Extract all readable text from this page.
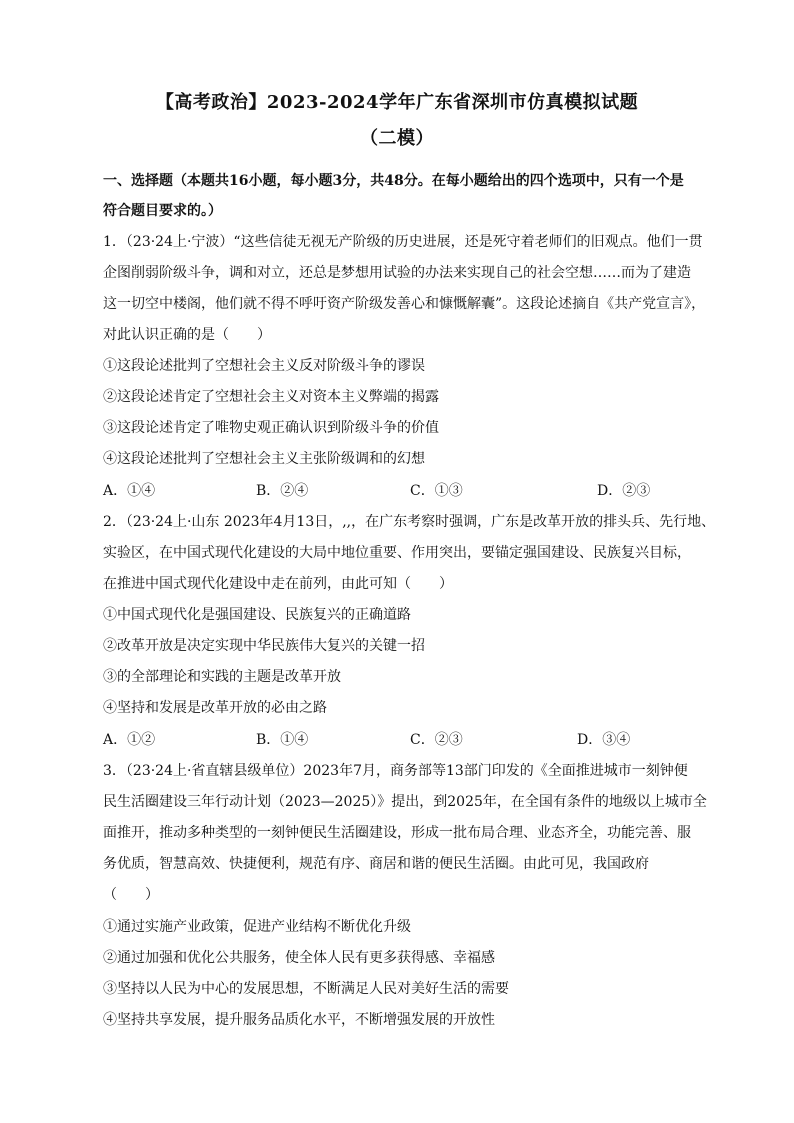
【高考政治】2023-2024学年广东省深圳市仿真模拟试题
（二模）
一、选择题（本题共16小题，每小题3分，共48分。在每小题给出的四个选项中，只有一个是
符合题目要求的。）
1．（23·24上·宁波）“这些信徒无视无产阶级的历史进展，还是死守着老师们的旧观点。他们一贯
企图削弱阶级斗争，调和对立，还总是梦想用试验的办法来实现自己的社会空想……而为了建造
这一切空中楼阁，他们就不得不呼吁资产阶级发善心和慷慨解囊”。这段论述摘自《共产党宣言》，
对此认识正确的是（　　）
①这段论述批判了空想社会主义反对阶级斗争的谬误
②这段论述肯定了空想社会主义对资本主义弊端的揭露
③这段论述肯定了唯物史观正确认识到阶级斗争的价值
④这段论述批判了空想社会主义主张阶级调和的幻想
A．①④	B．②④	C．①③	D．②③
2．（23·24上·山东 2023年4月13日，,,，在广东考察时强调，广东是改革开放的排头兵、先行地、
实验区，在中国式现代化建设的大局中地位重要、作用突出，要锚定强国建设、民族复兴目标，
在推进中国式现代化建设中走在前列，由此可知（　　）
①中国式现代化是强国建设、民族复兴的正确道路
②改革开放是决定实现中华民族伟大复兴的关键一招
③的全部理论和实践的主题是改革开放
④坚持和发展是改革开放的必由之路
A．①②	B．①④	C．②③	D．③④
3．（23·24上·省直辖县级单位）2023年7月，商务部等13部门印发的《全面推进城市一刻钟便
民生活圈建设三年行动计划（2023—2025）》提出，到2025年，在全国有条件的地级以上城市全
面推开，推动多种类型的一刻钟便民生活圈建设，形成一批布局合理、业态齐全，功能完善、服
务优质，智慧高效、快捷便利，规范有序、商居和谐的便民生活圈。由此可见，我国政府
（　　）
①通过实施产业政策，促进产业结构不断优化升级
②通过加强和优化公共服务，使全体人民有更多获得感、幸福感
③坚持以人民为中心的发展思想，不断满足人民对美好生活的需要
④坚持共享发展，提升服务品质化水平，不断增强发展的开放性
